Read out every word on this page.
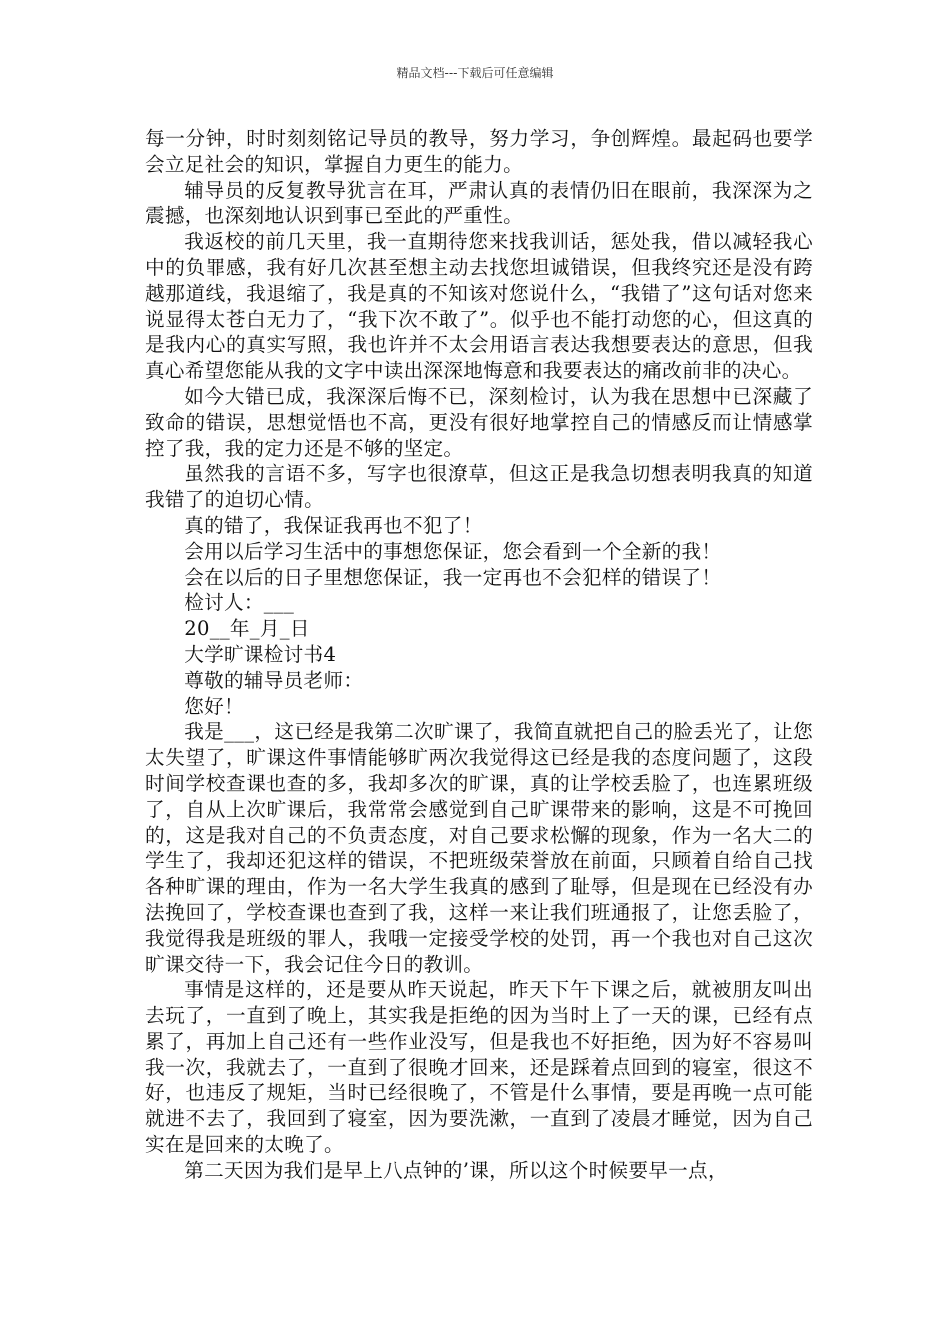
精品文档---下载后可任意编辑

每一分钟，时时刻刻铭记导员的教导，努力学习，争创辉煌。最起码也要学会立足社会的知识，掌握自力更生的能力。

辅导员的反复教导犹言在耳，严肃认真的表情仍旧在眼前，我深深为之震撼，也深刻地认识到事已至此的严重性。

我返校的前几天里，我一直期待您来找我训话，惩处我，借以减轻我心中的负罪感，我有好几次甚至想主动去找您坦诚错误，但我终究还是没有跨越那道线，我退缩了，我是真的不知该对您说什么，“我错了”这句话对您来说显得太苍白无力了，“我下次不敢了”。似乎也不能打动您的心，但这真的是我内心的真实写照，我也许并不太会用语言表达我想要表达的意思，但我真心希望您能从我的文字中读出深深地悔意和我要表达的痛改前非的决心。

如今大错已成，我深深后悔不已，深刻检讨，认为我在思想中已深藏了致命的错误，思想觉悟也不高，更没有很好地掌控自己的情感反而让情感掌控了我，我的定力还是不够的坚定。

虽然我的言语不多，写字也很潦草，但这正是我急切想表明我真的知道我错了的迫切心情。

真的错了，我保证我再也不犯了！

会用以后学习生活中的事想您保证，您会看到一个全新的我！

会在以后的日子里想您保证，我一定再也不会犯样的错误了！

检讨人：___

20__年_月_日

大学旷课检讨书4

尊敬的辅导员老师：

您好！

我是___，这已经是我第二次旷课了，我简直就把自己的脸丢光了，让您太失望了，旷课这件事情能够旷两次我觉得这已经是我的态度问题了，这段时间学校查课也查的多，我却多次的旷课，真的让学校丢脸了，也连累班级了，自从上次旷课后，我常常会感觉到自己旷课带来的影响，这是不可挽回的，这是我对自己的不负责态度，对自己要求松懈的现象，作为一名大二的学生了，我却还犯这样的错误，不把班级荣誉放在前面，只顾着自给自己找各种旷课的理由，作为一名大学生我真的感到了耻辱，但是现在已经没有办法挽回了，学校查课也查到了我，这样一来让我们班通报了，让您丢脸了，我觉得我是班级的罪人，我哦一定接受学校的处罚，再一个我也对自己这次旷课交待一下，我会记住今日的教训。

事情是这样的，还是要从昨天说起，昨天下午下课之后，就被朋友叫出去玩了，一直到了晚上，其实我是拒绝的因为当时上了一天的课，已经有点累了，再加上自己还有一些作业没写，但是我也不好拒绝，因为好不容易叫我一次，我就去了，一直到了很晚才回来，还是踩着点回到的寝室，很这不好，也违反了规矩，当时已经很晚了，不管是什么事情，要是再晚一点可能就进不去了，我回到了寝室，因为要洗漱，一直到了凌晨才睡觉，因为自己实在是回来的太晚了。

第二天因为我们是早上八点钟的’课，所以这个时候要早一点，
